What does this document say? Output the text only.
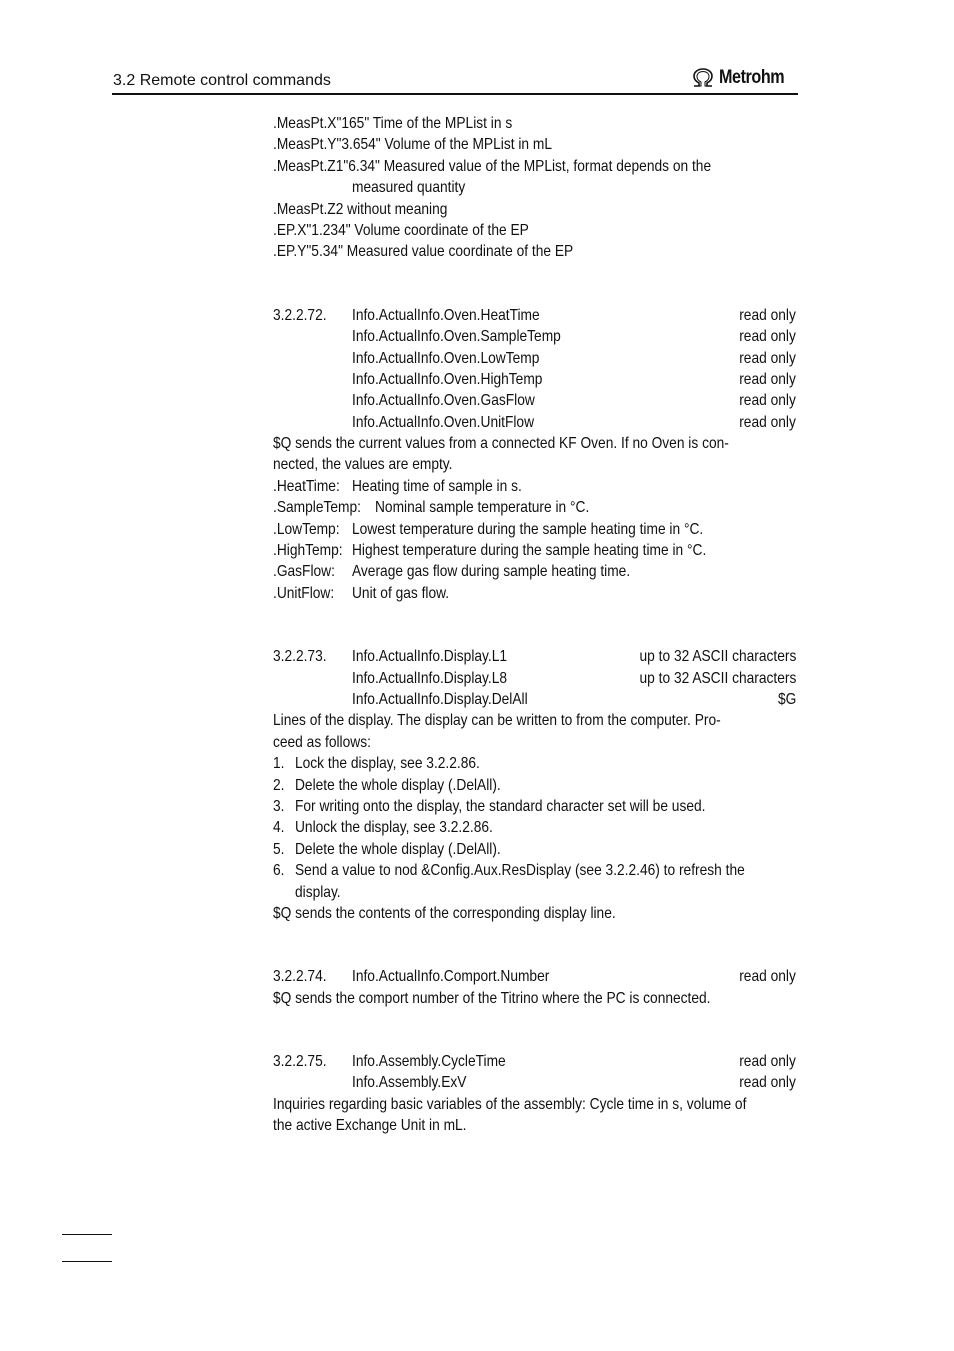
3.2 Remote control commands	Metrohm
.MeasPt.X"165" Time of the MPList in s
.MeasPt.Y"3.654" Volume of the MPList in mL
.MeasPt.Z1"6.34" Measured value of the MPList, format depends on the
measured quantity
.MeasPt.Z2 without meaning
.EP.X"1.234" Volume coordinate of the EP
.EP.Y"5.34" Measured value coordinate of the EP
3.2.2.72. Info.ActualInfo.Oven.HeatTime	read only
Info.ActualInfo.Oven.SampleTemp	read only
Info.ActualInfo.Oven.LowTemp	read only
Info.ActualInfo.Oven.HighTemp	read only
Info.ActualInfo.Oven.GasFlow	read only
Info.ActualInfo.Oven.UnitFlow	read only
$Q sends the current values from a connected KF Oven. If no Oven is con-
nected, the values are empty.
.HeatTime: Heating time of sample in s.
.SampleTemp: Nominal sample temperature in °C.
.LowTemp: Lowest temperature during the sample heating time in °C.
.HighTemp: Highest temperature during the sample heating time in °C.
.GasFlow: Average gas flow during sample heating time.
.UnitFlow: Unit of gas flow.
3.2.2.73. Info.ActualInfo.Display.L1	up to 32 ASCII characters
Info.ActualInfo.Display.L8	up to 32 ASCII characters
Info.ActualInfo.Display.DelAll	$G
Lines of the display. The display can be written to from the computer. Pro-
ceed as follows:
1. Lock the display, see 3.2.2.86.
2. Delete the whole display (.DelAll).
3. For writing onto the display, the standard character set will be used.
4. Unlock the display, see 3.2.2.86.
5. Delete the whole display (.DelAll).
6. Send a value to nod &Config.Aux.ResDisplay (see 3.2.2.46) to refresh the
display.
$Q sends the contents of the corresponding display line.
3.2.2.74. Info.ActualInfo.Comport.Number	read only
$Q sends the comport number of the Titrino where the PC is connected.
3.2.2.75. Info.Assembly.CycleTime	read only
Info.Assembly.ExV	read only
Inquiries regarding basic variables of the assembly: Cycle time in s, volume of
the active Exchange Unit in mL.
